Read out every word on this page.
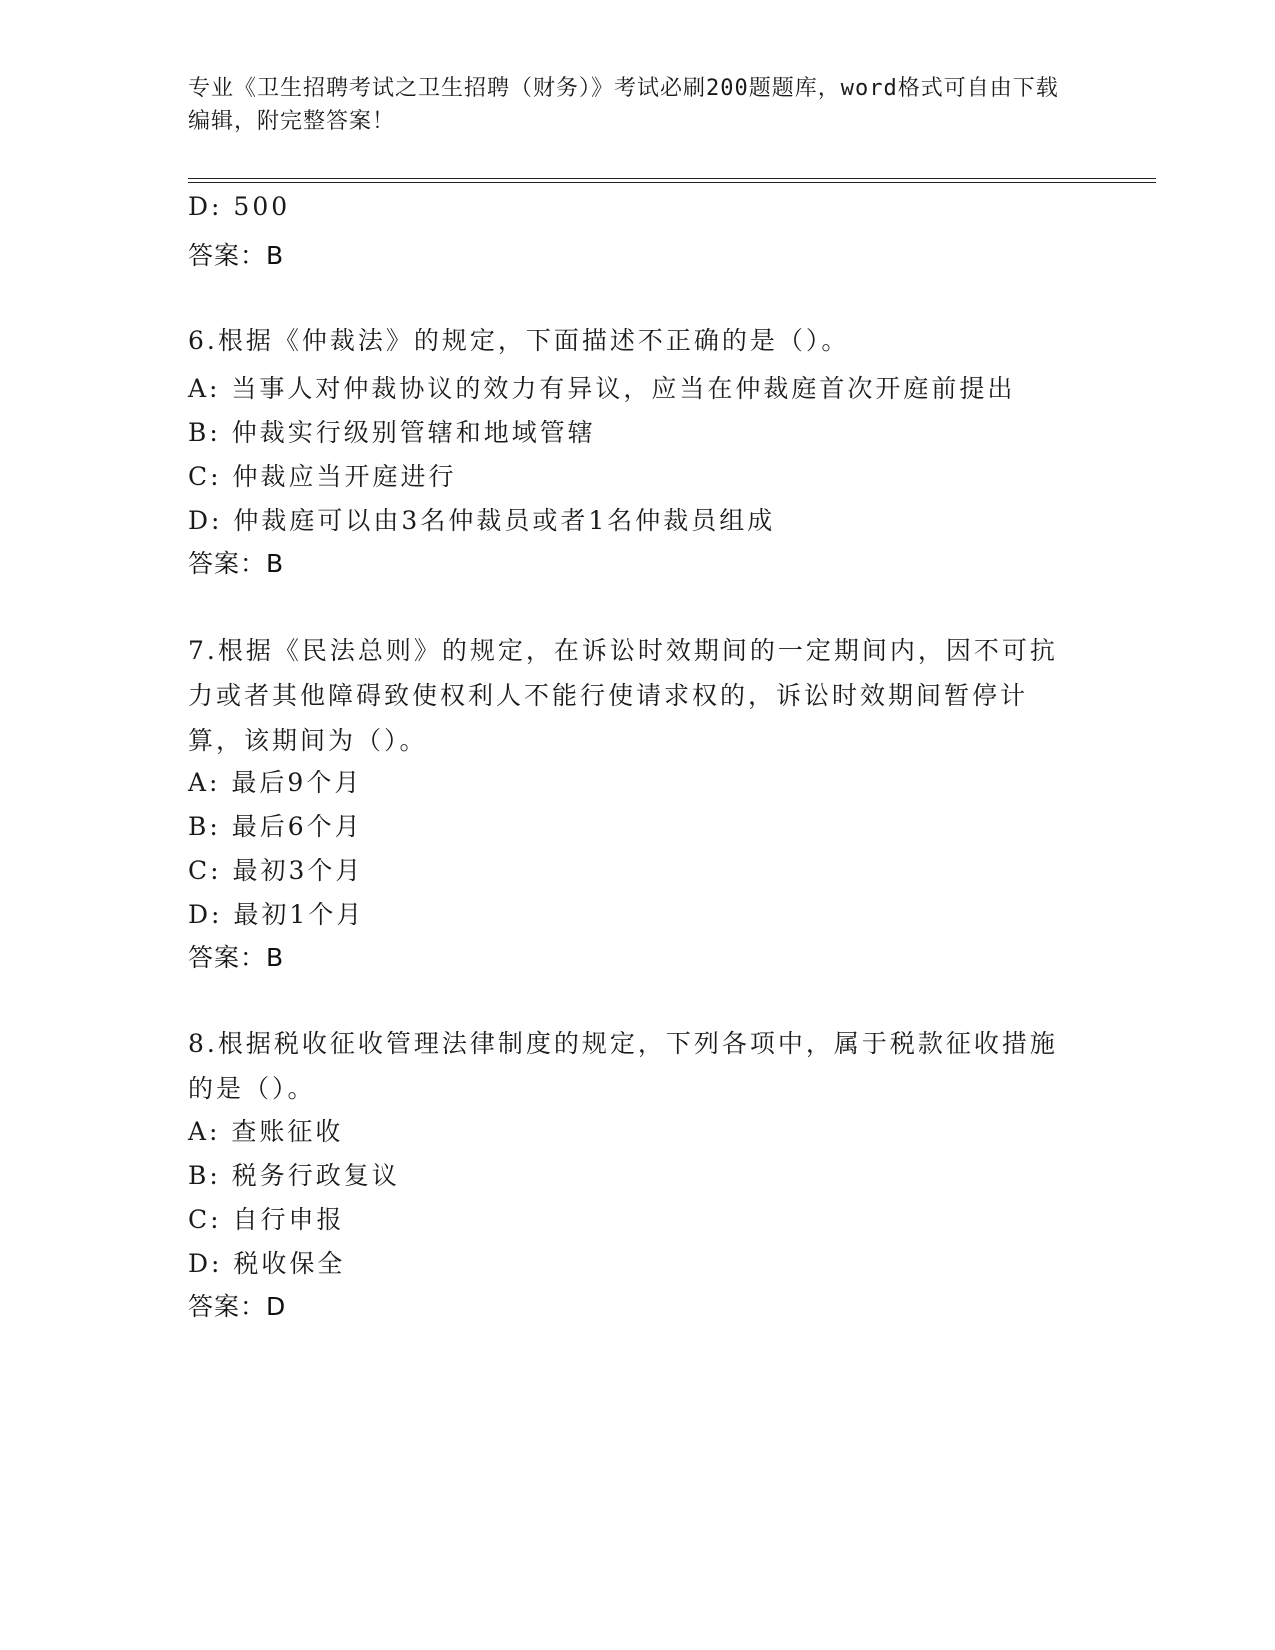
专业《卫生招聘考试之卫生招聘（财务）》考试必刷200题题库，word格式可自由下载编辑，附完整答案！
D: 500
答案：B
6.根据《仲裁法》的规定，下面描述不正确的是（）。
A: 当事人对仲裁协议的效力有异议，应当在仲裁庭首次开庭前提出
B: 仲裁实行级别管辖和地域管辖
C: 仲裁应当开庭进行
D: 仲裁庭可以由3名仲裁员或者1名仲裁员组成
答案：B
7.根据《民法总则》的规定，在诉讼时效期间的一定期间内，因不可抗力或者其他障碍致使权利人不能行使请求权的，诉讼时效期间暂停计算，该期间为（）。
A: 最后9个月
B: 最后6个月
C: 最初3个月
D: 最初1个月
答案：B
8.根据税收征收管理法律制度的规定，下列各项中，属于税款征收措施的是（）。
A: 查账征收
B: 税务行政复议
C: 自行申报
D: 税收保全
答案：D
